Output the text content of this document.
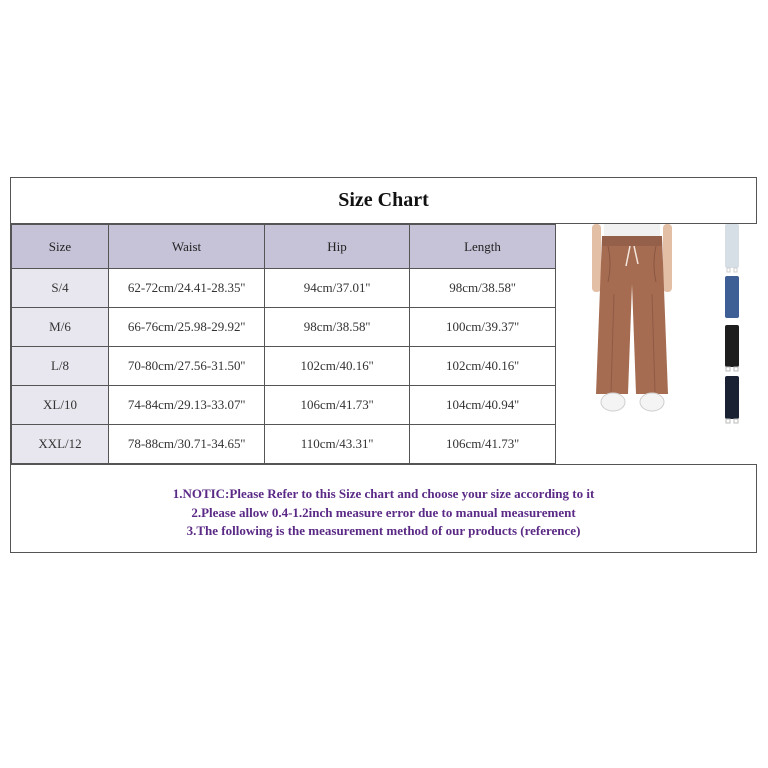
Size Chart
Size	Waist	Hip	Length
S/4	62-72cm/24.41-28.35''	94cm/37.01''	98cm/38.58''
M/6	66-76cm/25.98-29.92''	98cm/38.58''	100cm/39.37''
L/8	70-80cm/27.56-31.50''	102cm/40.16''	102cm/40.16''
XL/10	74-84cm/29.13-33.07''	106cm/41.73''	104cm/40.94''
XXL/12	78-88cm/30.71-34.65''	110cm/43.31''	106cm/41.73''
1.NOTIC:Please Refer to this Size chart and choose your size according to it
2.Please allow 0.4-1.2inch measure error due to manual measurement
3.The following is the measurement method of our products (reference)
